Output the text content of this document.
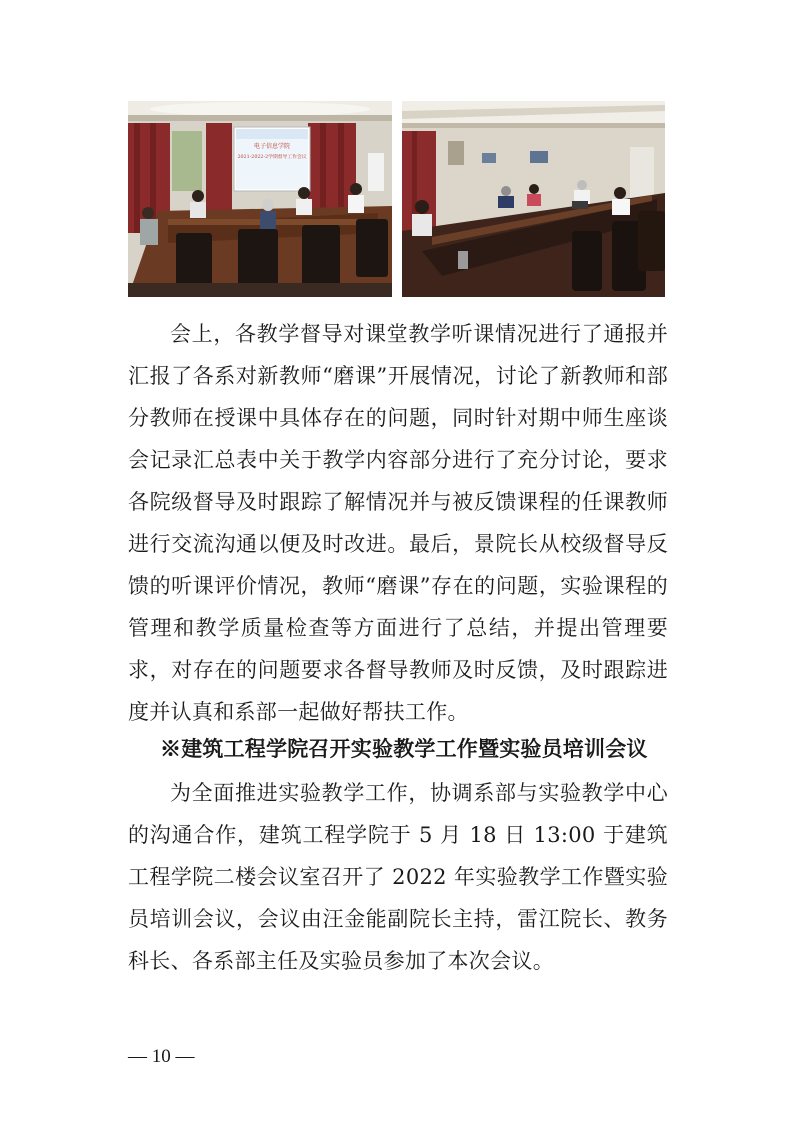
电子信息学院
2021-2022-2学期督导工作会议
会上，各教学督导对课堂教学听课情况进行了通报并汇报了各系对新教师“磨课”开展情况，讨论了新教师和部分教师在授课中具体存在的问题，同时针对期中师生座谈会记录汇总表中关于教学内容部分进行了充分讨论，要求各院级督导及时跟踪了解情况并与被反馈课程的任课教师进行交流沟通以便及时改进。最后，景院长从校级督导反馈的听课评价情况，教师“磨课”存在的问题，实验课程的管理和教学质量检查等方面进行了总结，并提出管理要求，对存在的问题要求各督导教师及时反馈，及时跟踪进度并认真和系部一起做好帮扶工作。
※建筑工程学院召开实验教学工作暨实验员培训会议
为全面推进实验教学工作，协调系部与实验教学中心的沟通合作，建筑工程学院于 5 月 18 日 13:00 于建筑工程学院二楼会议室召开了 2022 年实验教学工作暨实验员培训会议，会议由汪金能副院长主持，雷江院长、教务科长、各系部主任及实验员参加了本次会议。
— 10 —
